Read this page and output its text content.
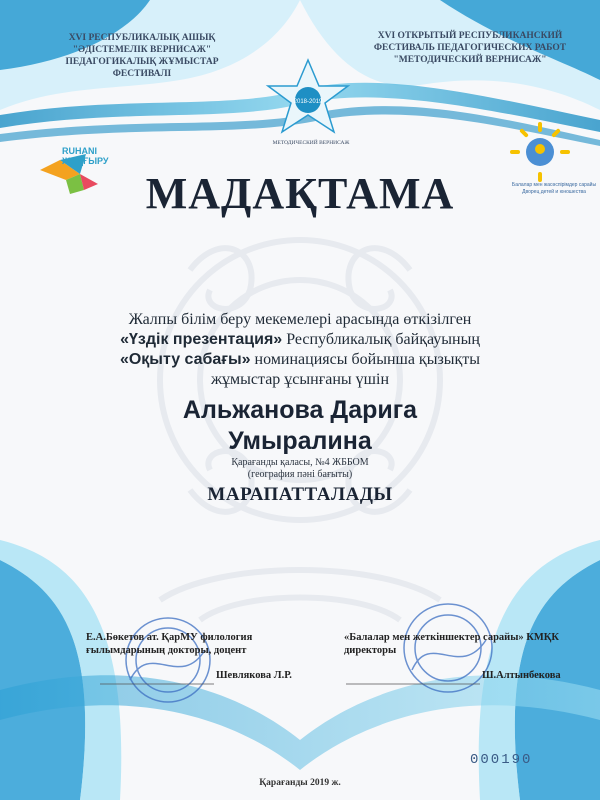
2018-2019
XVI РЕСПУБЛИКАЛЫҚ АШЫҚ
"ӘДІСТЕМЕЛІК ВЕРНИСАЖ"
ПЕДАГОГИКАЛЫҚ ЖҰМЫСТАР ФЕСТИВАЛІ
XVI ОТКРЫТЫЙ РЕСПУБЛИКАНСКИЙ
ФЕСТИВАЛЬ ПЕДАГОГИЧЕСКИХ РАБОТ
"МЕТОДИЧЕСКИЙ ВЕРНИСАЖ"
МЕТОДИЧЕСКИЙ ВЕРНИСАЖ
RUHANI
ЖАҢҒЫРУ
Балалар мен жасөспірімдер сарайы Дворец детей и юношества
МАДАҚТАМА
Жалпы білім беру мекемелері арасында өткізілген
«Үздік презентация» Республикалық байқауының
«Оқыту сабағы» номинациясы бойынша қызықты
жұмыстар ұсынғаны үшін
Альжанова Дарига
Умыралина
Қарағанды қаласы, №4 ЖББОМ
(география пәні бағыты)
МАРАПАТТАЛАДЫ
Е.А.Бөкетов ат. ҚарМУ филология ғылымдарының докторы, доцент
Шевлякова Л.Р.
«Балалар мен жеткіншектер сарайы» КМҚК директоры
Ш.Алтынбекова
000190
Қарағанды 2019 ж.
